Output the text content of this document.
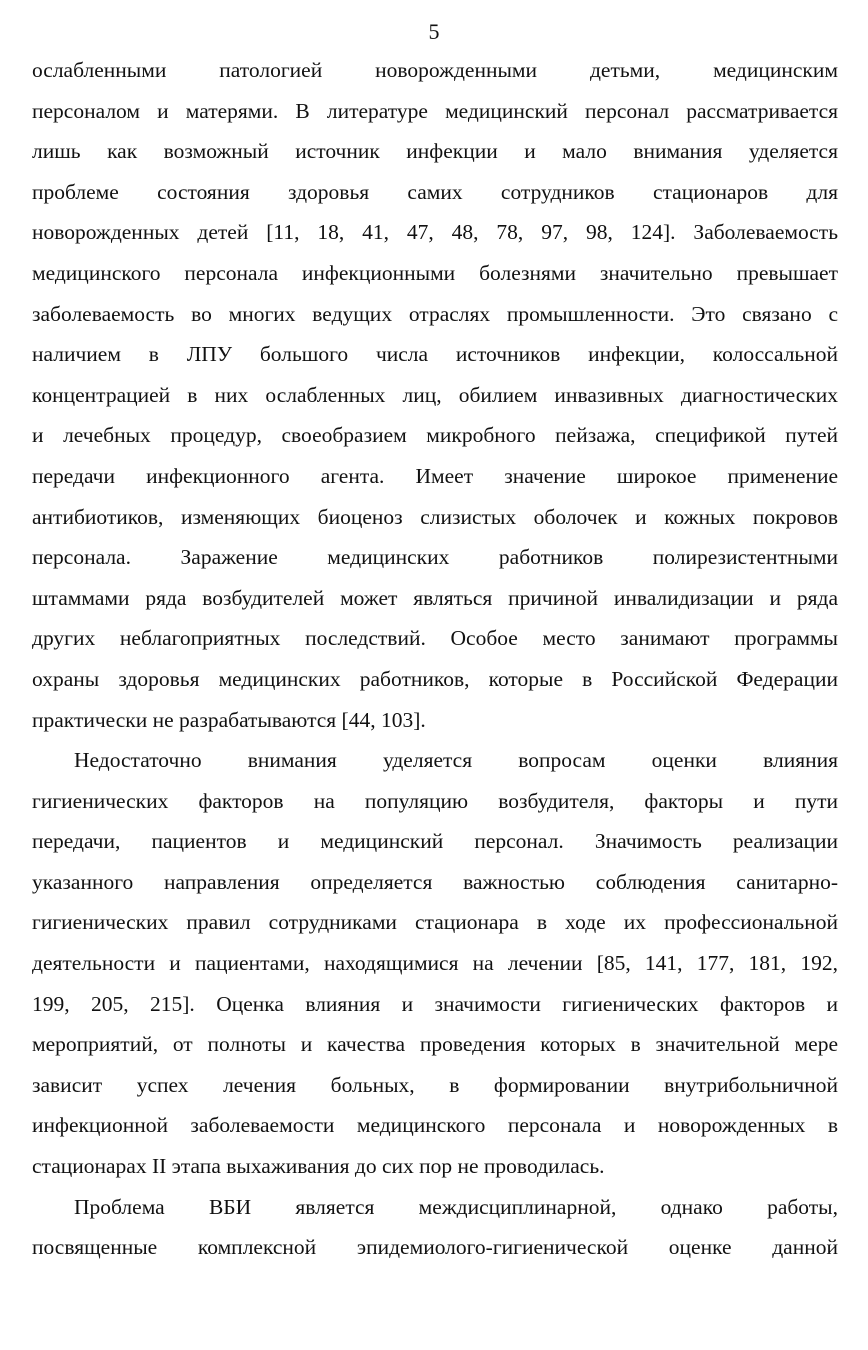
5
ослабленными патологией новорожденными детьми, медицинским
персоналом и матерями. В литературе медицинский персонал рассматривается
лишь как возможный источник инфекции и мало внимания уделяется
проблеме состояния здоровья самих сотрудников стационаров для
новорожденных детей [11, 18, 41, 47, 48, 78, 97, 98, 124]. Заболеваемость
медицинского персонала инфекционными болезнями значительно превышает
заболеваемость во многих ведущих отраслях промышленности. Это связано с
наличием в ЛПУ большого числа источников инфекции, колоссальной
концентрацией в них ослабленных лиц, обилием инвазивных диагностических
и лечебных процедур, своеобразием микробного пейзажа, спецификой путей
передачи инфекционного агента. Имеет значение широкое применение
антибиотиков, изменяющих биоценоз слизистых оболочек и кожных покровов
персонала. Заражение медицинских работников полирезистентными
штаммами ряда возбудителей может являться причиной инвалидизации и ряда
других неблагоприятных последствий. Особое место занимают программы
охраны здоровья медицинских работников, которые в Российской Федерации
практически не разрабатываются [44, 103].
Недостаточно внимания уделяется вопросам оценки влияния
гигиенических факторов на популяцию возбудителя, факторы и пути
передачи, пациентов и медицинский персонал. Значимость реализации
указанного направления определяется важностью соблюдения санитарно-
гигиенических правил сотрудниками стационара в ходе их профессиональной
деятельности и пациентами, находящимися на лечении [85, 141, 177, 181, 192,
199, 205, 215]. Оценка влияния и значимости гигиенических факторов и
мероприятий, от полноты и качества проведения которых в значительной мере
зависит успех лечения больных, в формировании внутрибольничной
инфекционной заболеваемости медицинского персонала и новорожденных в
стационарах II этапа выхаживания до сих пор не проводилась.
Проблема ВБИ является междисциплинарной, однако работы,
посвященные комплексной эпидемиолого-гигиенической оценке данной
